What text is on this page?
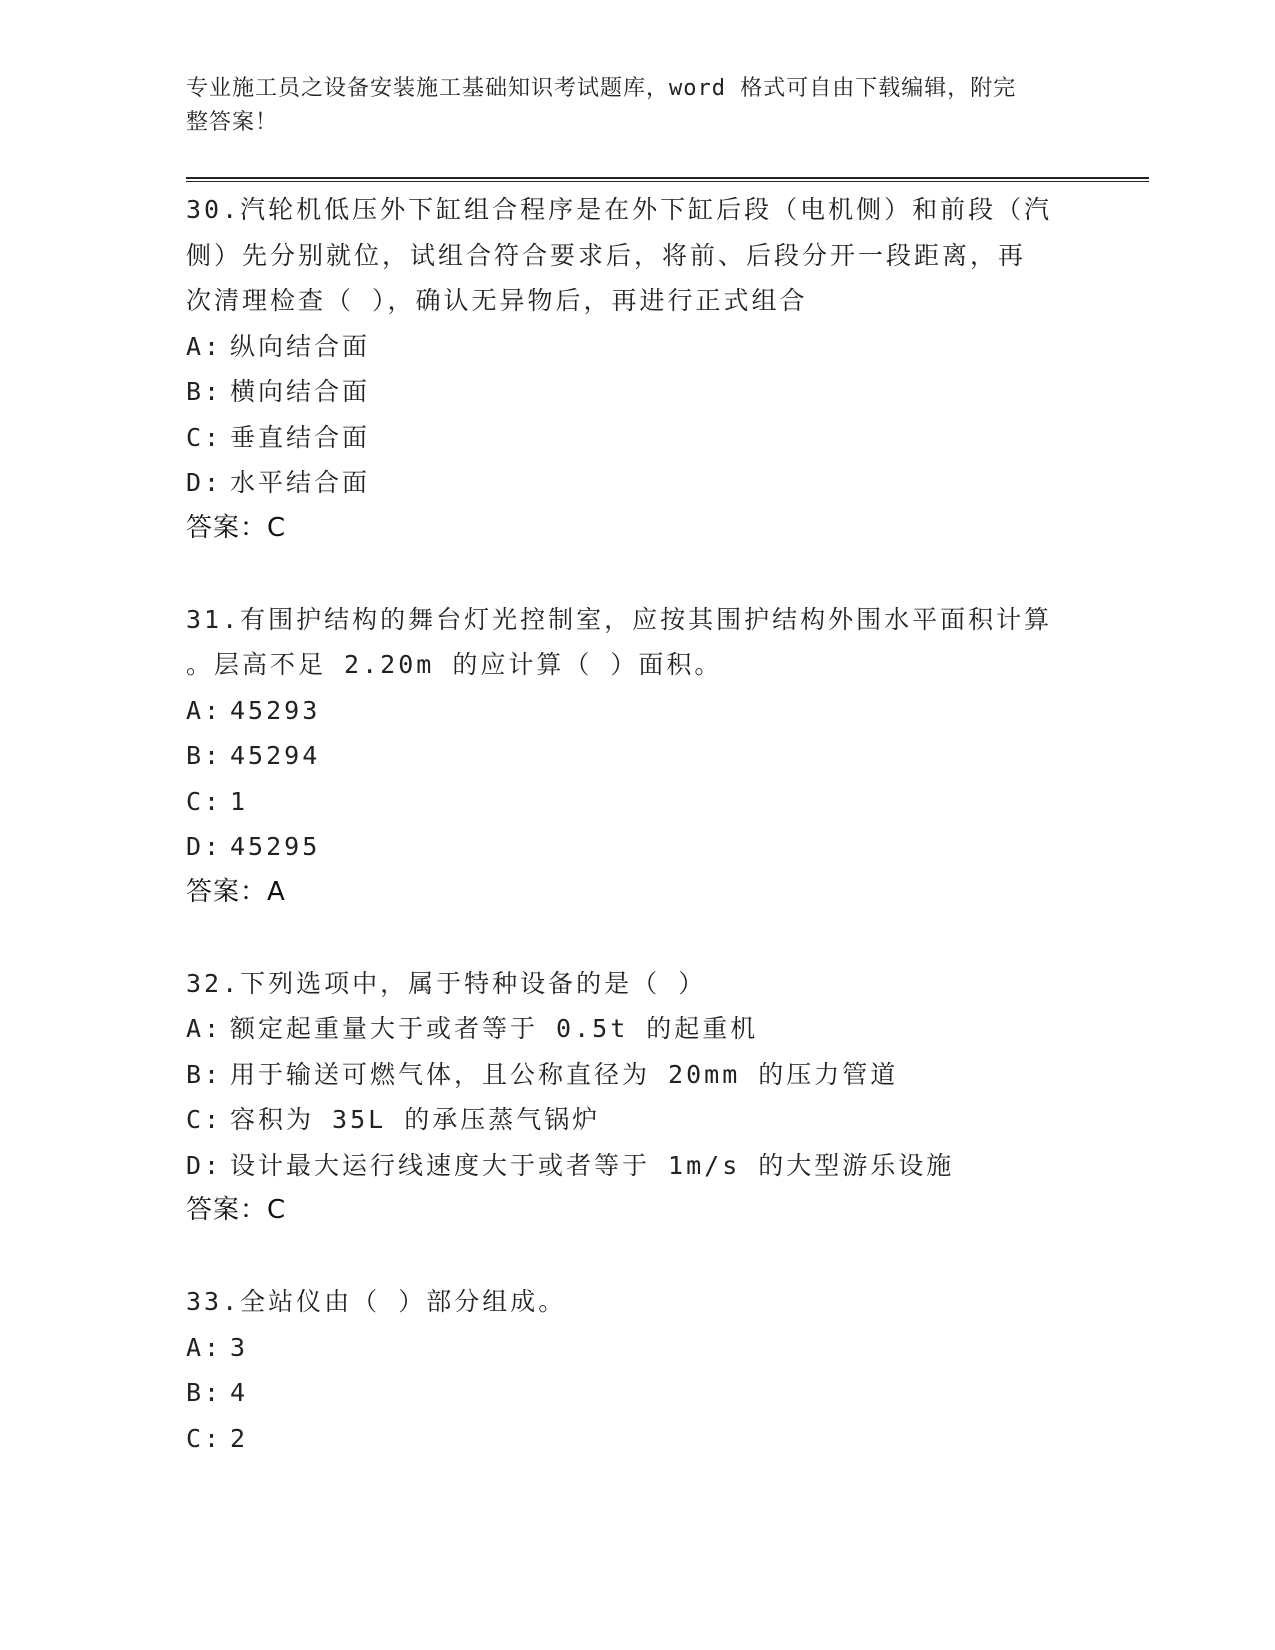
专业施工员之设备安装施工基础知识考试题库，word 格式可自由下载编辑，附完
整答案！
30.汽轮机低压外下缸组合程序是在外下缸后段（电机侧）和前段（汽
侧）先分别就位，试组合符合要求后，将前、后段分开一段距离，再
次清理检查（ ），确认无异物后，再进行正式组合
A: 纵向结合面
B: 横向结合面
C: 垂直结合面
D: 水平结合面
答案：C
31.有围护结构的舞台灯光控制室，应按其围护结构外围水平面积计算
。层高不足 2.20m 的应计算（ ）面积。
A: 45293
B: 45294
C: 1
D: 45295
答案：A
32.下列选项中，属于特种设备的是（ ）
A: 额定起重量大于或者等于 0.5t 的起重机
B: 用于输送可燃气体，且公称直径为 20mm 的压力管道
C: 容积为 35L 的承压蒸气锅炉
D: 设计最大运行线速度大于或者等于 1m/s 的大型游乐设施
答案：C
33.全站仪由（ ）部分组成。
A: 3
B: 4
C: 2
